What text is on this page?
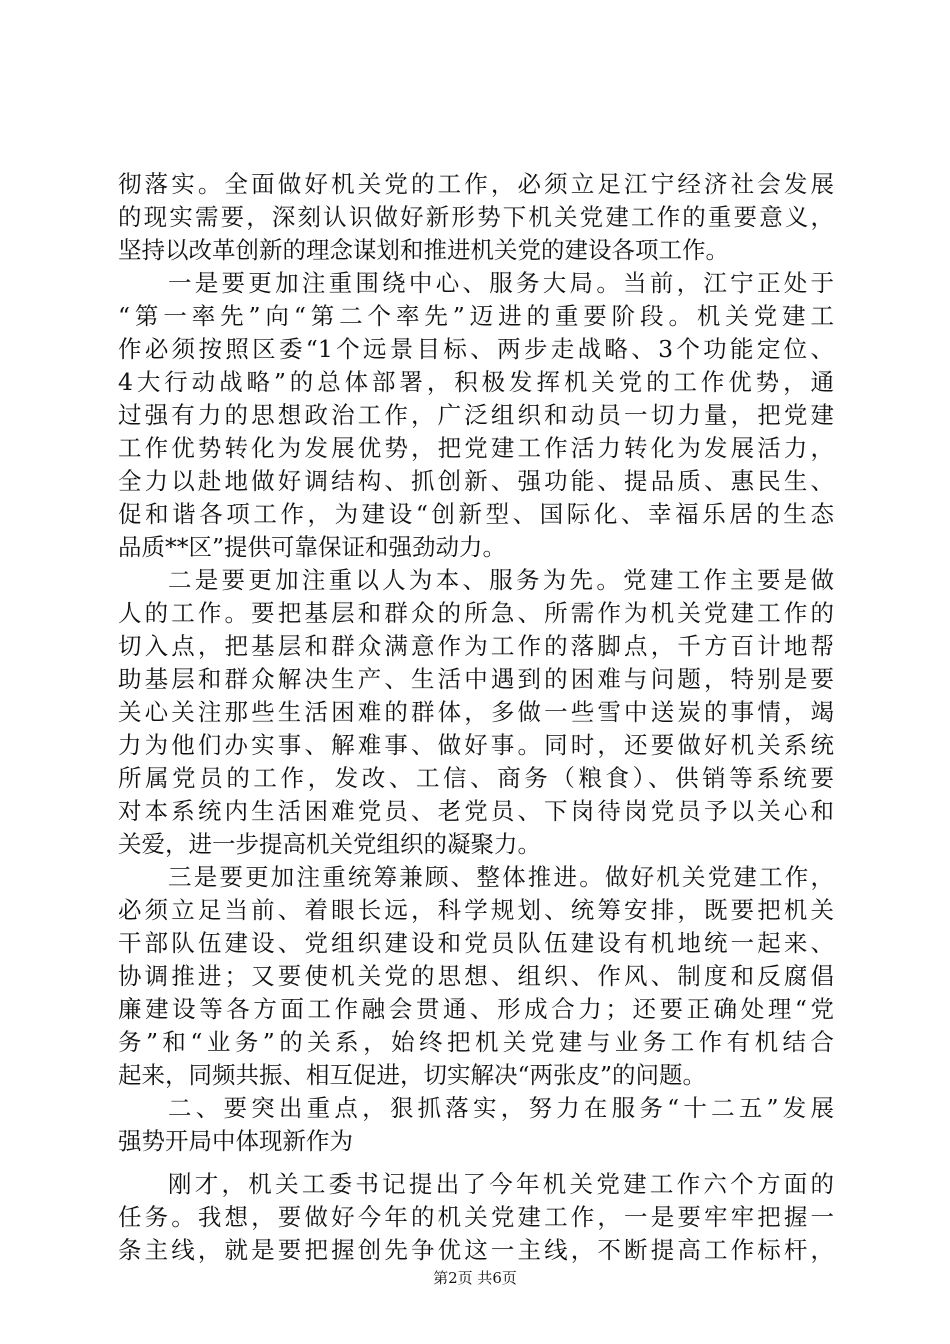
彻落实。全面做好机关党的工作，必须立足江宁经济社会发展
的现实需要，深刻认识做好新形势下机关党建工作的重要意义，
坚持以改革创新的理念谋划和推进机关党的建设各项工作。
一是要更加注重围绕中心、服务大局。当前，江宁正处于
“第一率先”向“第二个率先”迈进的重要阶段。机关党建工
作必须按照区委“1个远景目标、两步走战略、3个功能定位、
4大行动战略”的总体部署，积极发挥机关党的工作优势，通
过强有力的思想政治工作，广泛组织和动员一切力量，把党建
工作优势转化为发展优势，把党建工作活力转化为发展活力，
全力以赴地做好调结构、抓创新、强功能、提品质、惠民生、
促和谐各项工作，为建设“创新型、国际化、幸福乐居的生态
品质**区”提供可靠保证和强劲动力。
二是要更加注重以人为本、服务为先。党建工作主要是做
人的工作。要把基层和群众的所急、所需作为机关党建工作的
切入点，把基层和群众满意作为工作的落脚点，千方百计地帮
助基层和群众解决生产、生活中遇到的困难与问题，特别是要
关心关注那些生活困难的群体，多做一些雪中送炭的事情，竭
力为他们办实事、解难事、做好事。同时，还要做好机关系统
所属党员的工作，发改、工信、商务（粮食）、供销等系统要
对本系统内生活困难党员、老党员、下岗待岗党员予以关心和
关爱，进一步提高机关党组织的凝聚力。
三是要更加注重统筹兼顾、整体推进。做好机关党建工作，
必须立足当前、着眼长远，科学规划、统筹安排，既要把机关
干部队伍建设、党组织建设和党员队伍建设有机地统一起来、
协调推进；又要使机关党的思想、组织、作风、制度和反腐倡
廉建设等各方面工作融会贯通、形成合力；还要正确处理“党
务”和“业务”的关系，始终把机关党建与业务工作有机结合
起来，同频共振、相互促进，切实解决“两张皮”的问题。
二、要突出重点，狠抓落实，努力在服务“十二五”发展
强势开局中体现新作为
刚才，机关工委书记提出了今年机关党建工作六个方面的
任务。我想，要做好今年的机关党建工作，一是要牢牢把握一
条主线，就是要把握创先争优这一主线，不断提高工作标杆，
第2页 共6页
